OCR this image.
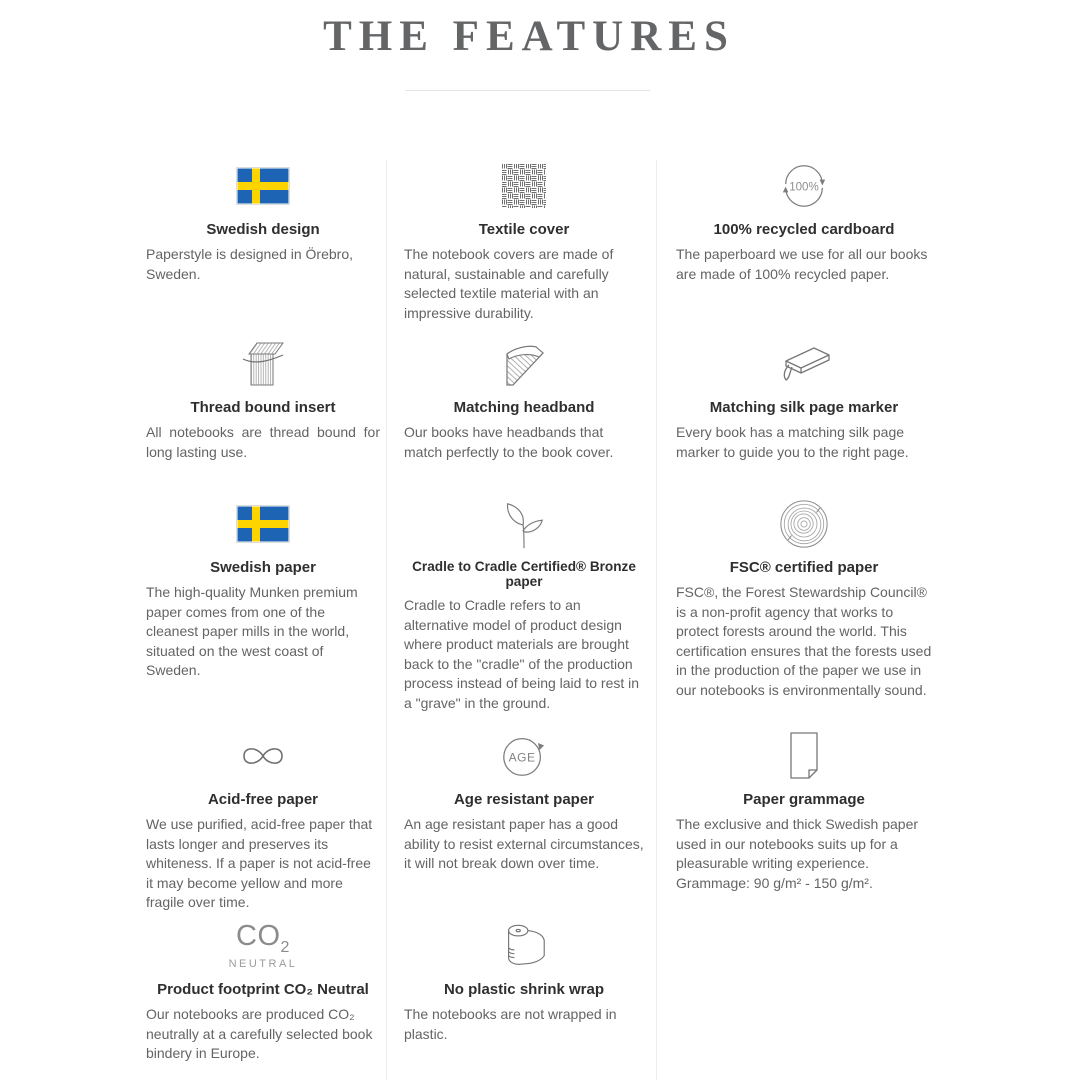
THE FEATURES
Swedish design

Paperstyle is designed in Örebro, Sweden.

Textile cover

The notebook covers are made of natural, sustainable and carefully selected textile material with an impressive durability.

100%
100% recycled cardboard

The paperboard we use for all our books are made of 100% recycled paper.

Thread bound insert

All notebooks are thread bound for long lasting use.

Matching headband

Our books have headbands that match perfectly to the book cover.

Matching silk page marker

Every book has a matching silk page marker to guide you to the right page.

Swedish paper

The high-quality Munken premium paper comes from one of the cleanest paper mills in the world, situated on the west coast of Sweden.

Cradle to Cradle Certified® Bronze paper

Cradle to Cradle refers to an alternative model of product design where product materials are brought back to the "cradle" of the production process instead of being laid to rest in a "grave" in the ground.

FSC® certified paper

FSC®, the Forest Stewardship Council® is a non-profit agency that works to protect forests around the world. This certification ensures that the forests used in the production of the paper we use in our notebooks is environmentally sound.

Acid-free paper

We use purified, acid-free paper that lasts longer and preserves its whiteness. If a paper is not acid-free it may become yellow and more fragile over time.

AGE
Age resistant paper

An age resistant paper has a good ability to resist external circumstances, it will not break down over time.

Paper grammage

The exclusive and thick Swedish paper used in our notebooks suits up for a pleasurable writing experience. Grammage: 90 g/m² - 150 g/m².

$CO_2$
NEUTRAL
Product footprint CO₂ Neutral

Our notebooks are produced CO₂ neutrally at a carefully selected book bindery in Europe.

No plastic shrink wrap

The notebooks are not wrapped in plastic.
